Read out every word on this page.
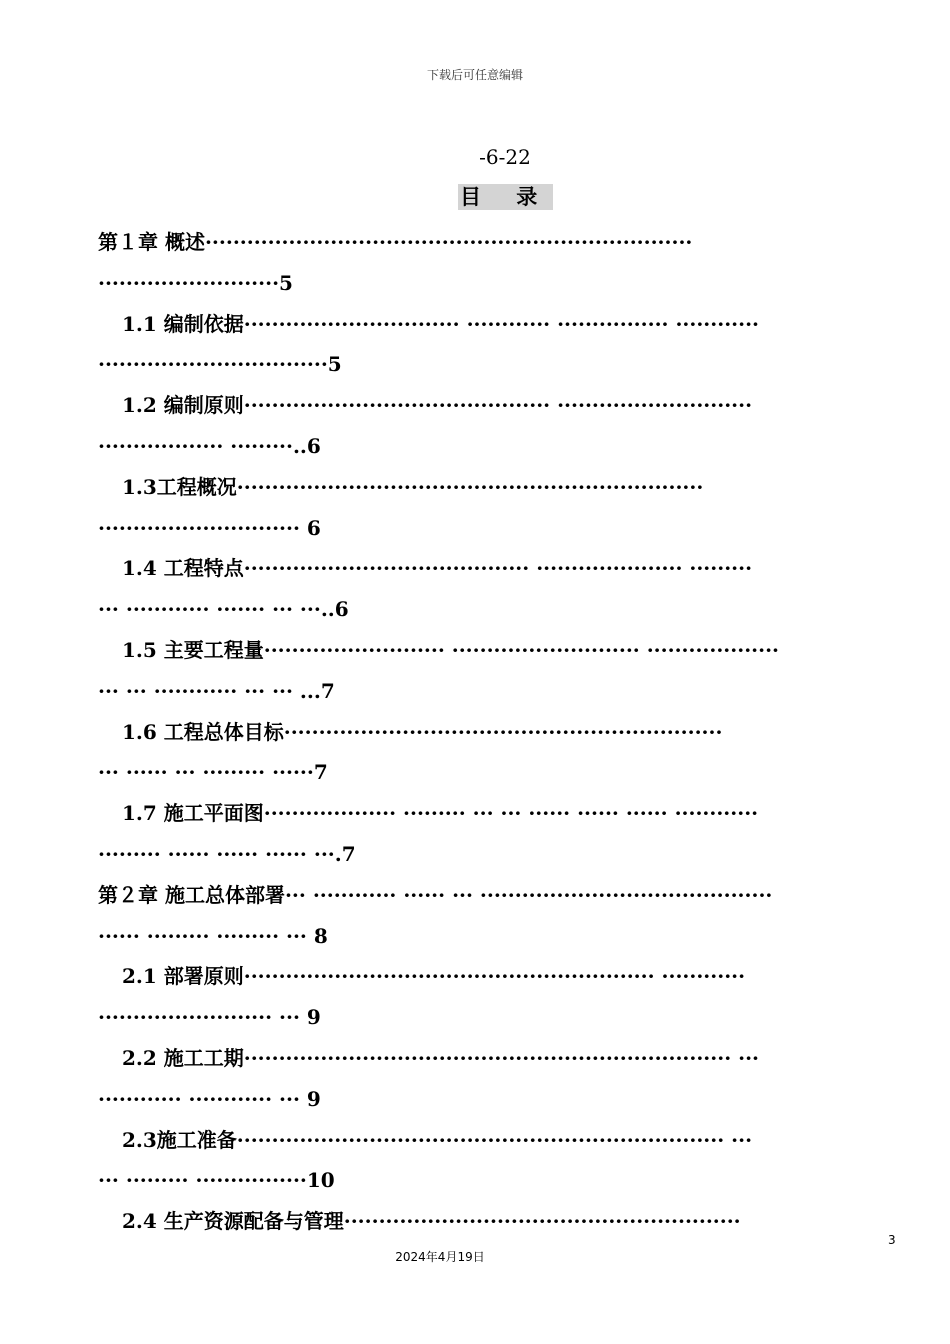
下载后可任意编辑
-6-22
目 录
第１章 概述······································································
··························5
1.1 编制依据······························· ············ ················ ············
·································5
1.2 编制原则············································ ····························
·················· ·········..6
1.3工程概况···································································
····························· 6
1.4 工程特点········································· ····················· ·········
··· ············ ······· ··· ···..6
1.5 主要工程量·························· ··························· ···················
··· ··· ············ ··· ··· ...7
1.6 工程总体目标·······························································
··· ······ ··· ········· ······7
1.7 施工平面图··················· ········· ··· ··· ······ ······ ······ ············
········· ······ ······ ······ ···.7
第２章 施工总体部署··· ············ ······ ··· ··········································
······ ········· ········· ··· 8
2.1 部署原则··························································· ············
························· ··· 9
2.2 施工工期······································································ ···
············ ············ ··· 9
2.3施工准备······································································ ···
··· ········· ················10
2.4 生产资源配备与管理·························································
3
2024年4月19日
